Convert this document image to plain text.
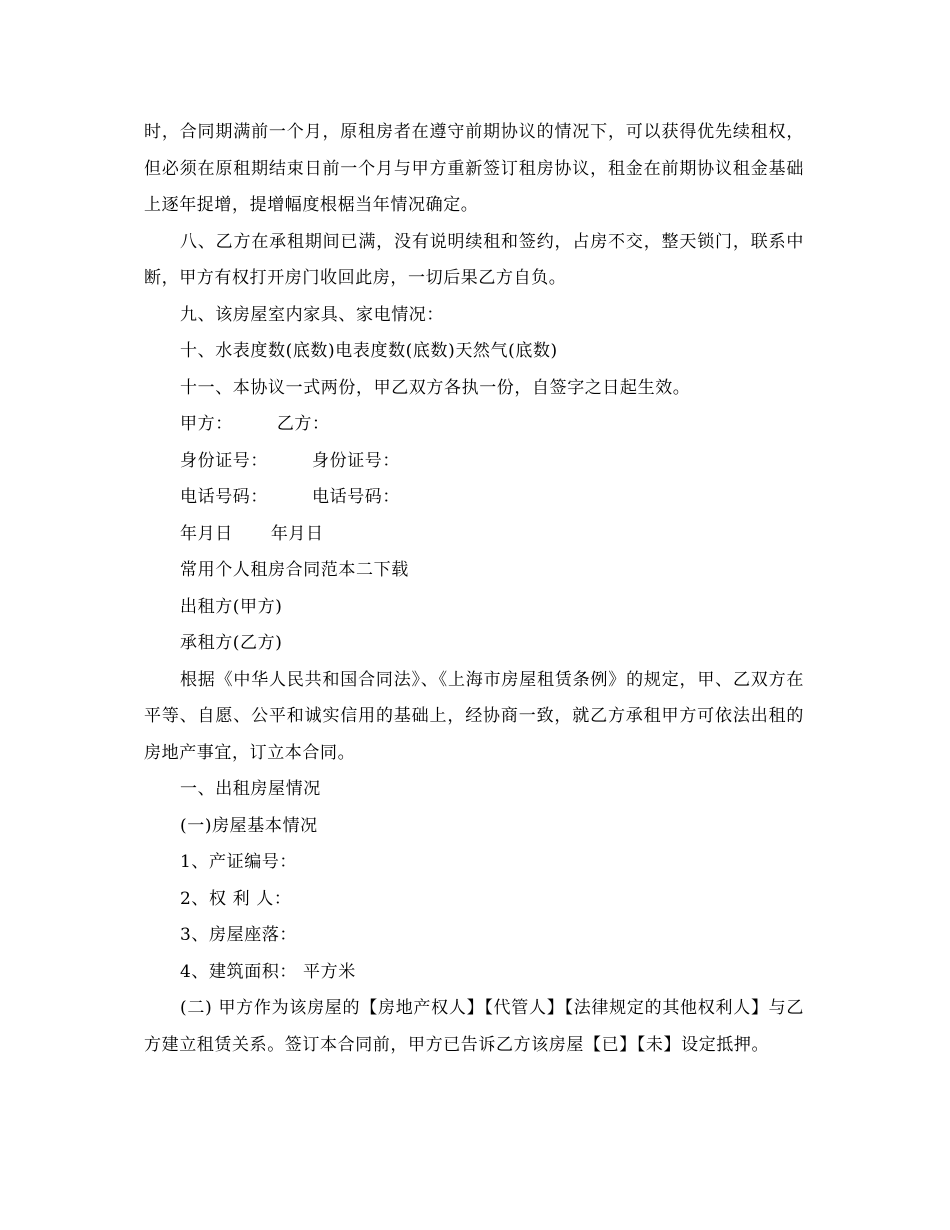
时，合同期满前一个月，原租房者在遵守前期协议的情况下，可以获得优先续租权，但必须在原租期结束日前一个月与甲方重新签订租房协议，租金在前期协议租金基础上逐年捉增，提增幅度根椐当年情况确定。

八、乙方在承租期间已满，没有说明续租和签约，占房不交，整天锁门，联系中断，甲方有权打开房门收回此房，一切后果乙方自负。

九、该房屋室内家具、家电情况：

十、水表度数(底数)电表度数(底数)天然气(底数)

十一、本协议一式两份，甲乙双方各执一份，自签字之日起生效。

甲方：	乙方：

身份证号：	身份证号：

电话号码：	电话号码：

年月日 年月日

常用个人租房合同范本二下载

出租方(甲方)

承租方(乙方)

根据《中华人民共和国合同法》、《上海市房屋租赁条例》的规定，甲、乙双方在平等、自愿、公平和诚实信用的基础上，经协商一致，就乙方承租甲方可依法出租的房地产事宜，订立本合同。

一、出租房屋情况

(一)房屋基本情况

1、产证编号：

2、权 利 人：

3、房屋座落：

4、建筑面积： 平方米

(二) 甲方作为该房屋的【房地产权人】【代管人】【法律规定的其他权利人】与乙方建立租赁关系。签订本合同前，甲方已告诉乙方该房屋【已】【未】设定抵押。
